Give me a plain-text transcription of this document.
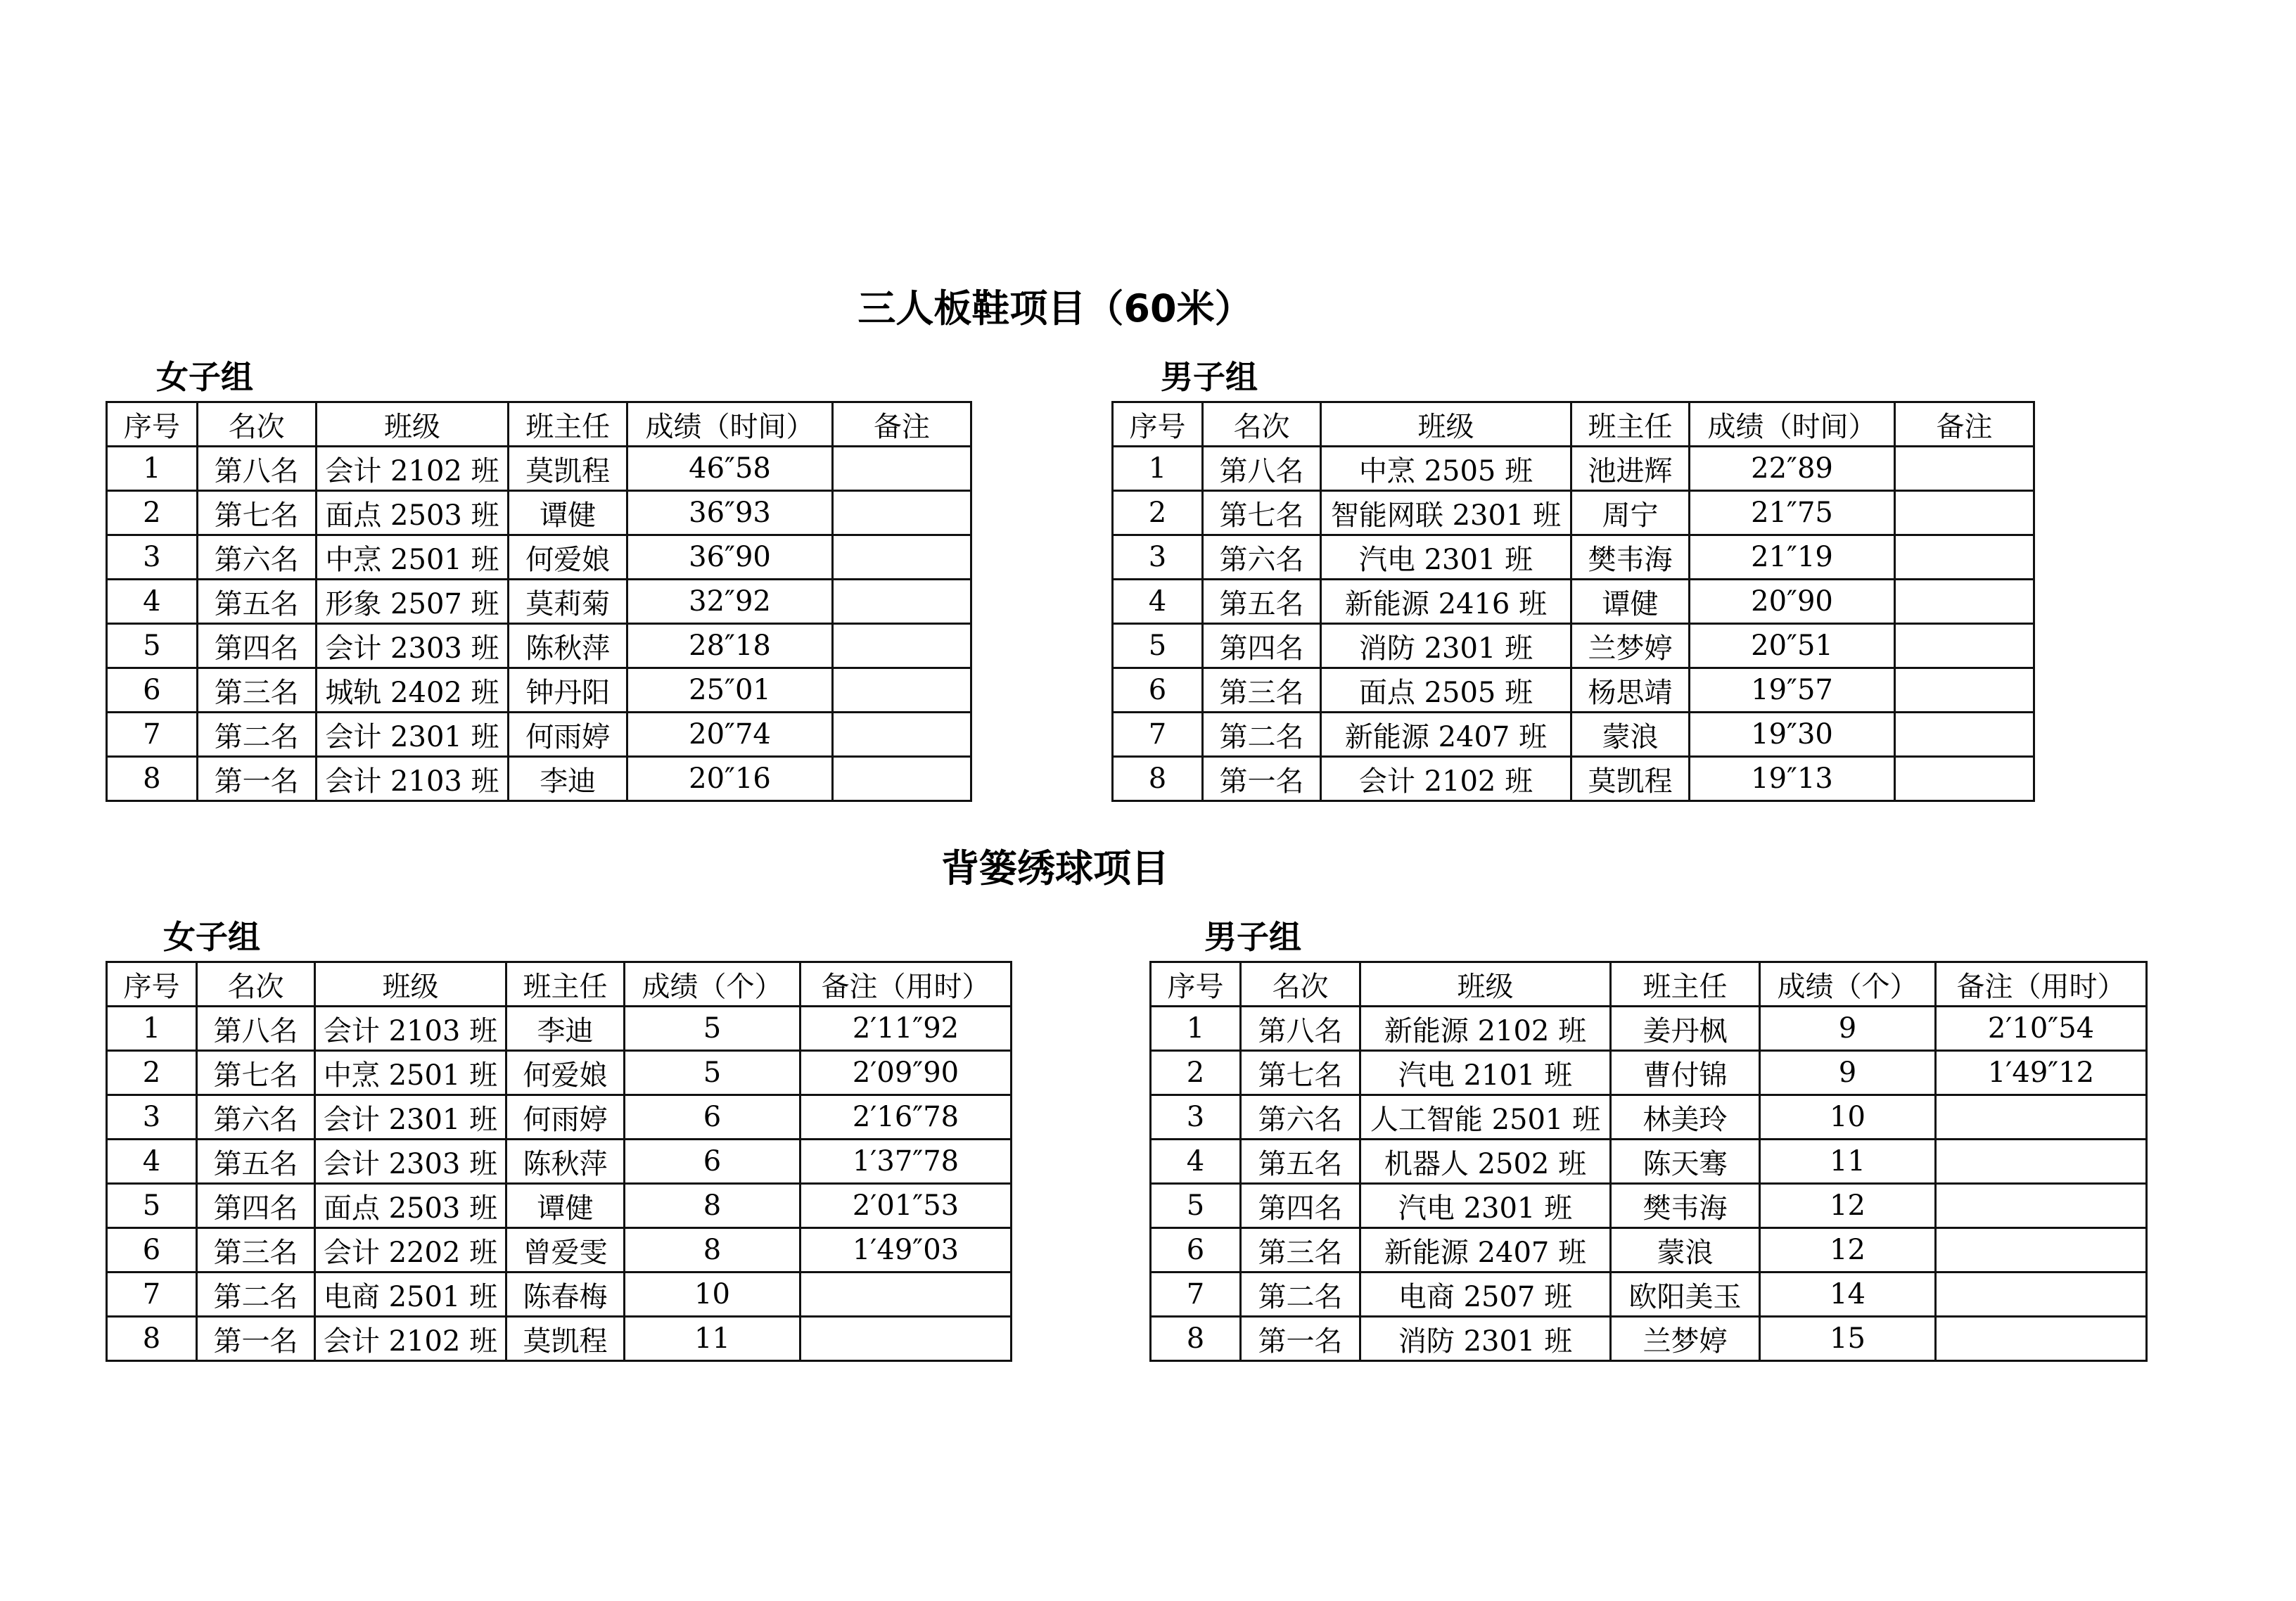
三人板鞋项目（60米）
女子组
序号	名次	班级	班主任	成绩（时间）	备注
1	第八名	会计 2102 班	莫凯程	46″58	
2	第七名	面点 2503 班	谭健	36″93	
3	第六名	中烹 2501 班	何爱娘	36″90	
4	第五名	形象 2507 班	莫莉菊	32″92	
5	第四名	会计 2303 班	陈秋萍	28″18	
6	第三名	城轨 2402 班	钟丹阳	25″01	
7	第二名	会计 2301 班	何雨婷	20″74	
8	第一名	会计 2103 班	李迪	20″16	
男子组
序号	名次	班级	班主任	成绩（时间）	备注
1	第八名	中烹 2505 班	池进辉	22″89	
2	第七名	智能网联 2301 班	周宁	21″75	
3	第六名	汽电 2301 班	樊韦海	21″19	
4	第五名	新能源 2416 班	谭健	20″90	
5	第四名	消防 2301 班	兰梦婷	20″51	
6	第三名	面点 2505 班	杨思靖	19″57	
7	第二名	新能源 2407 班	蒙浪	19″30	
8	第一名	会计 2102 班	莫凯程	19″13	
背篓绣球项目
女子组
序号	名次	班级	班主任	成绩（个）	备注（用时）
1	第八名	会计 2103 班	李迪	5	2′11″92
2	第七名	中烹 2501 班	何爱娘	5	2′09″90
3	第六名	会计 2301 班	何雨婷	6	2′16″78
4	第五名	会计 2303 班	陈秋萍	6	1′37″78
5	第四名	面点 2503 班	谭健	8	2′01″53
6	第三名	会计 2202 班	曾爱雯	8	1′49″03
7	第二名	电商 2501 班	陈春梅	10	
8	第一名	会计 2102 班	莫凯程	11	
男子组
序号	名次	班级	班主任	成绩（个）	备注（用时）
1	第八名	新能源 2102 班	姜丹枫	9	2′10″54
2	第七名	汽电 2101 班	曹付锦	9	1′49″12
3	第六名	人工智能 2501 班	林美玲	10	
4	第五名	机器人 2502 班	陈天骞	11	
5	第四名	汽电 2301 班	樊韦海	12	
6	第三名	新能源 2407 班	蒙浪	12	
7	第二名	电商 2507 班	欧阳美玉	14	
8	第一名	消防 2301 班	兰梦婷	15	
